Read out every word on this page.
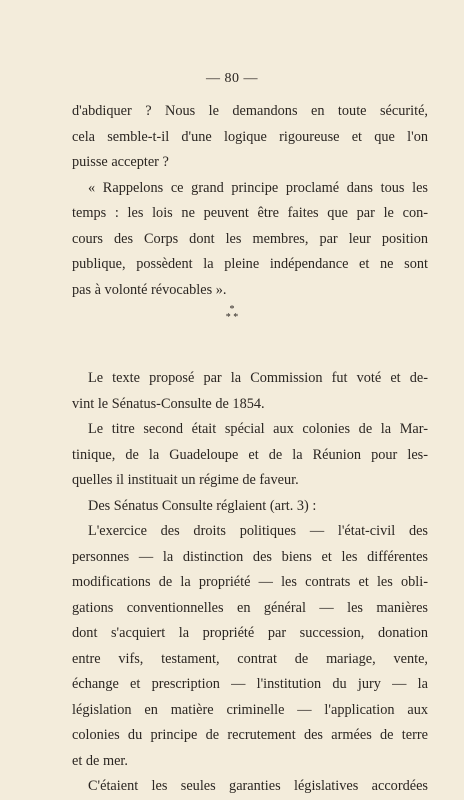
— 80 —

d'abdiquer ? Nous le demandons en toute sécurité,
cela semble-t-il d'une logique rigoureuse et que l'on
puisse accepter ?

« Rappelons ce grand principe proclamé dans tous les
temps : les lois ne peuvent être faites que par le con-
cours des Corps dont les membres, par leur position
publique, possèdent la pleine indépendance et ne sont
pas à volonté révocables ».

*
* *

Le texte proposé par la Commission fut voté et de-
vint le Sénatus-Consulte de 1854.

Le titre second était spécial aux colonies de la Mar-
tinique, de la Guadeloupe et de la Réunion pour les-
quelles il instituait un régime de faveur.

Des Sénatus Consulte réglaient (art. 3) :

L'exercice des droits politiques — l'état-civil des
personnes — la distinction des biens et les différentes
modifications de la propriété — les contrats et les obli-
gations conventionnelles en général — les manières
dont s'acquiert la propriété par succession, donation
entre vifs, testament, contrat de mariage, vente,
échange et prescription — l'institution du jury — la
législation en matière criminelle — l'application aux
colonies du principe de recrutement des armées de terre
et de mer.

C'étaient les seules garanties législatives accordées
